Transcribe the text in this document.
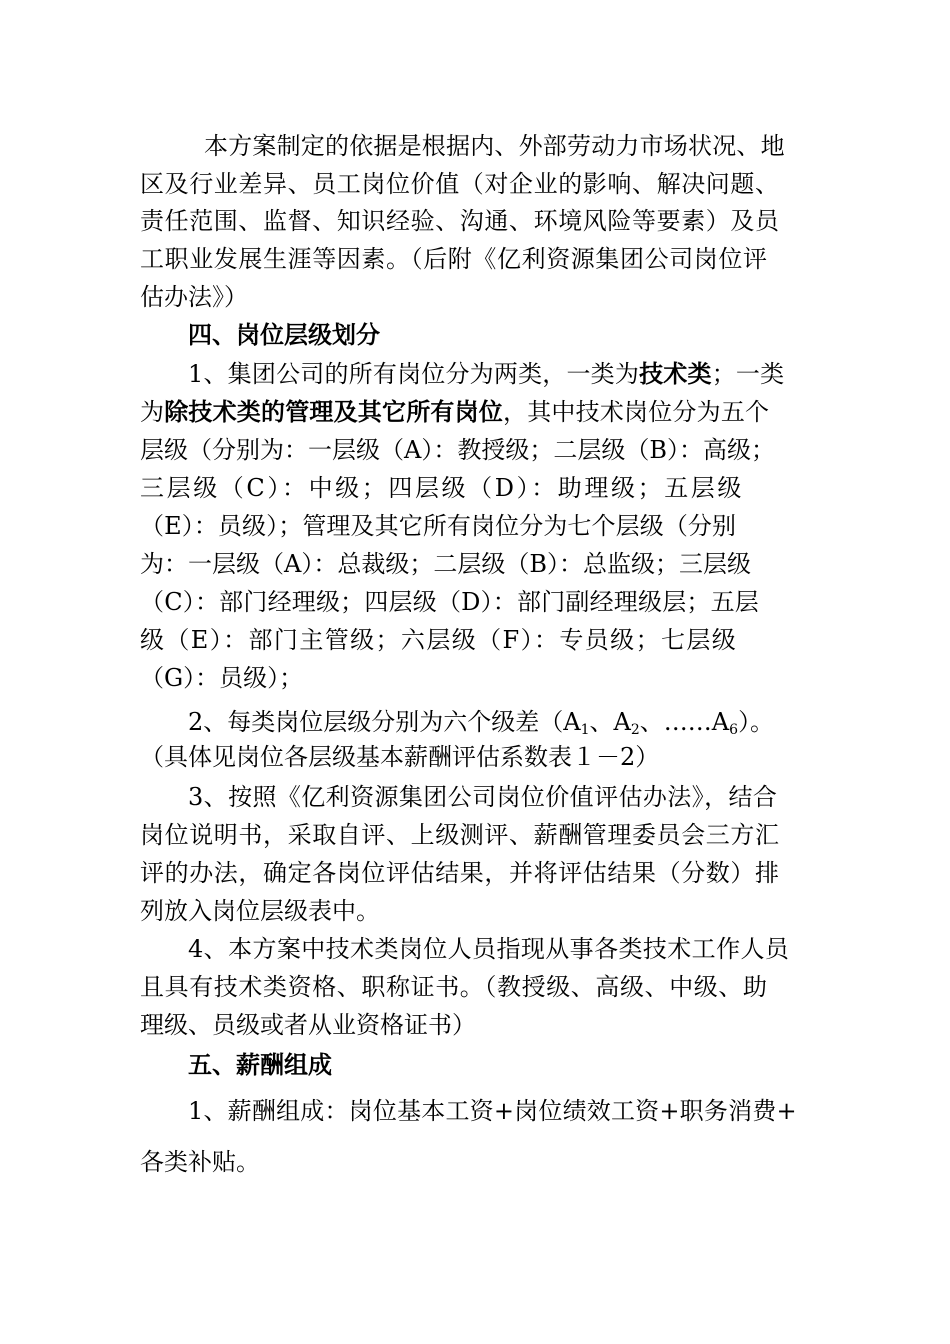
本方案制定的依据是根据内、外部劳动力市场状况、地
区及行业差异、员工岗位价值（对企业的影响、解决问题、
责任范围、监督、知识经验、沟通、环境风险等要素）及员
工职业发展生涯等因素。（后附《亿利资源集团公司岗位评
估办法》）
四、岗位层级划分
1、集团公司的所有岗位分为两类，一类为技术类；一类
为除技术类的管理及其它所有岗位，其中技术岗位分为五个
层级（分别为：一层级（A）：教授级；二层级（B）：高级；
三层级（C）：中级；四层级（D）：助理级；五层级
（E）：员级）；管理及其它所有岗位分为七个层级（分别
为：一层级（A）：总裁级；二层级（B）：总监级；三层级
（C）：部门经理级；四层级（D）：部门副经理级层；五层
级（E）：部门主管级；六层级（F）：专员级；七层级
（G）：员级）；
2、每类岗位层级分别为六个级差（$A_1$、$A_2$、$\dots\dots A_6$）。
（具体见岗位各层级基本薪酬评估系数表１－2）
3、按照《亿利资源集团公司岗位价值评估办法》，结合
岗位说明书，采取自评、上级测评、薪酬管理委员会三方汇
评的办法，确定各岗位评估结果，并将评估结果（分数）排
列放入岗位层级表中。
4、本方案中技术类岗位人员指现从事各类技术工作人员
且具有技术类资格、职称证书。（教授级、高级、中级、助
理级、员级或者从业资格证书）
五、薪酬组成
1、薪酬组成：岗位基本工资+岗位绩效工资+职务消费+
各类补贴。
